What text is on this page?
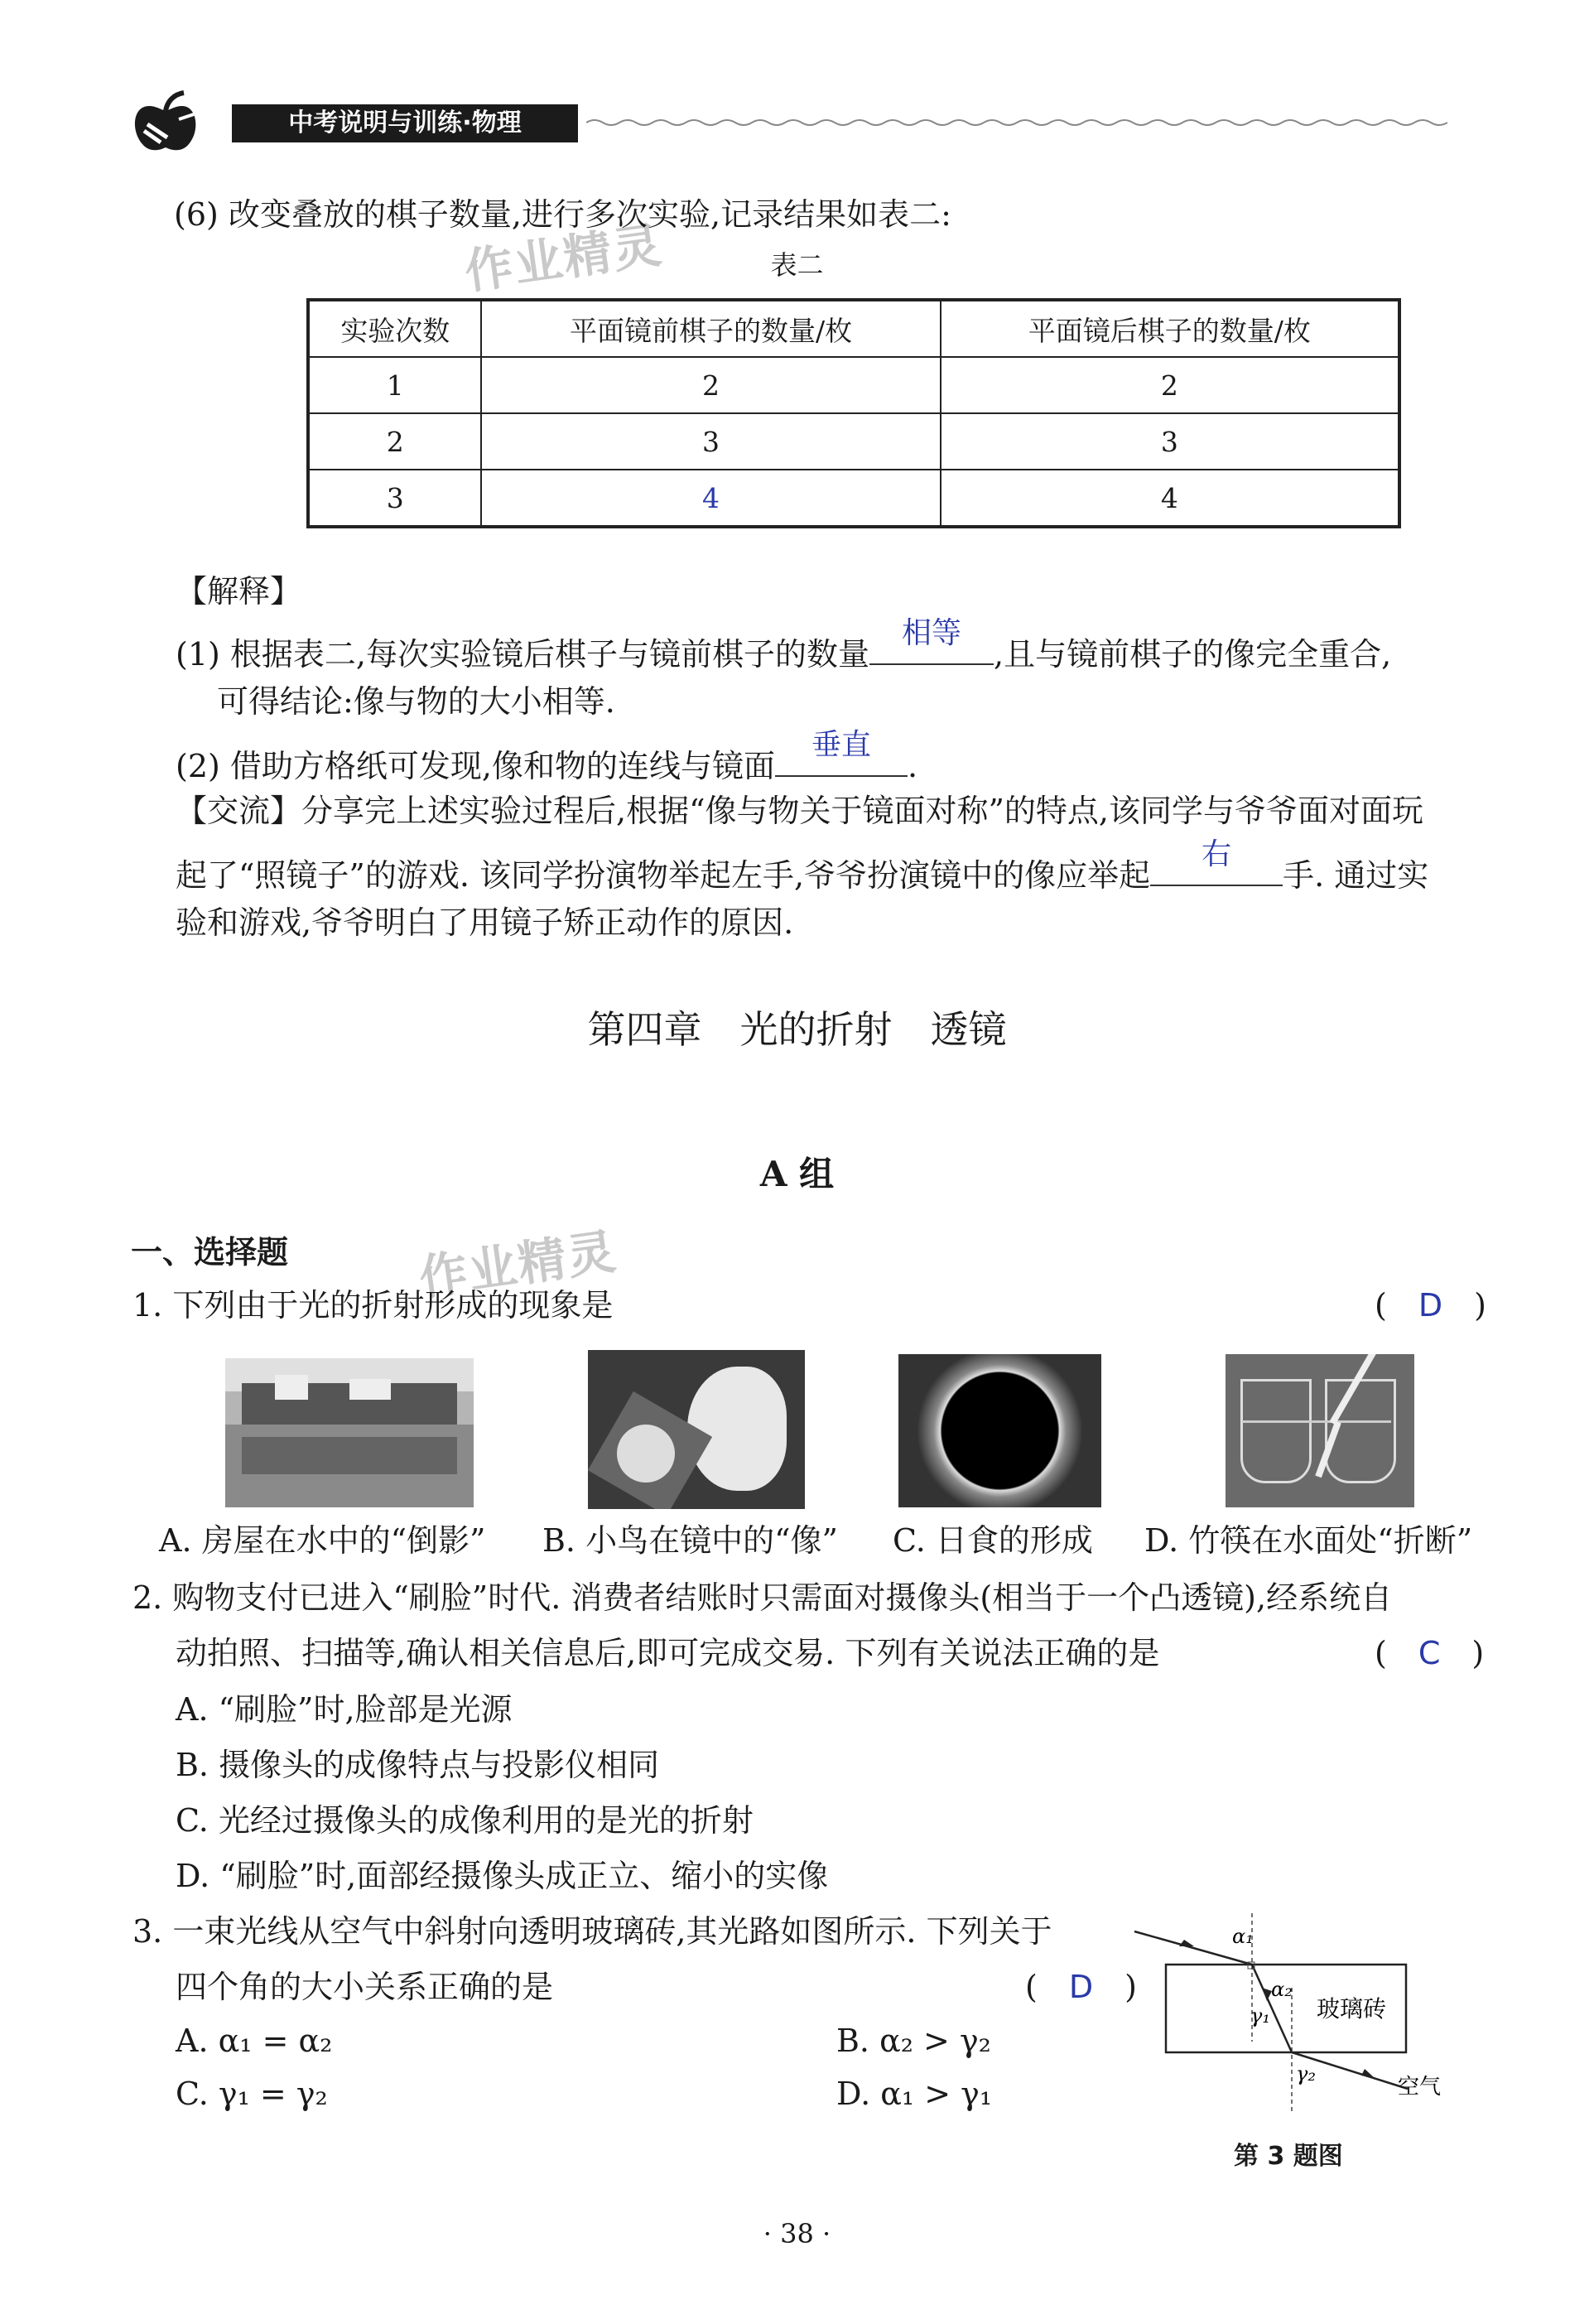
中考说明与训练·物理
作业精灵
作业精灵
(6) 改变叠放的棋子数量,进行多次实验,记录结果如表二:
表二
实验次数	平面镜前棋子的数量/枚	平面镜后棋子的数量/枚
1	2	2
2	3	3
3	4	4
【解释】
(1) 根据表二,每次实验镜后棋子与镜前棋子的数量
相等
,且与镜前棋子的像完全重合,
可得结论:像与物的大小相等.
(2) 借助方格纸可发现,像和物的连线与镜面
垂直
.
【交流】分享完上述实验过程后,根据“像与物关于镜面对称”的特点,该同学与爷爷面对面玩
起了“照镜子”的游戏. 该同学扮演物举起左手,爷爷扮演镜中的像应举起
右
手. 通过实
验和游戏,爷爷明白了用镜子矫正动作的原因.
第四章　光的折射　透镜
A 组
一、选择题
1. 下列由于光的折射形成的现象是	(　D　)
A. 房屋在水中的“倒影” B. 小鸟在镜中的“像” C. 日食的形成 D. 竹筷在水面处“折断”
2. 购物支付已进入“刷脸”时代. 消费者结账时只需面对摄像头(相当于一个凸透镜),经系统自
动拍照、扫描等,确认相关信息后,即可完成交易. 下列有关说法正确的是	(　C　)
A. “刷脸”时,脸部是光源
B. 摄像头的成像特点与投影仪相同
C. 光经过摄像头的成像利用的是光的折射
D. “刷脸”时,面部经摄像头成正立、缩小的实像
3. 一束光线从空气中斜射向透明玻璃砖,其光路如图所示. 下列关于
四个角的大小关系正确的是	(　D　)
A. α₁ = α₂	B. α₂ > γ₂
C. γ₁ = γ₂	D. α₁ > γ₁
α₁
α₂
γ₁
γ₂
玻璃砖
空气
第 3 题图
· 38 ·
